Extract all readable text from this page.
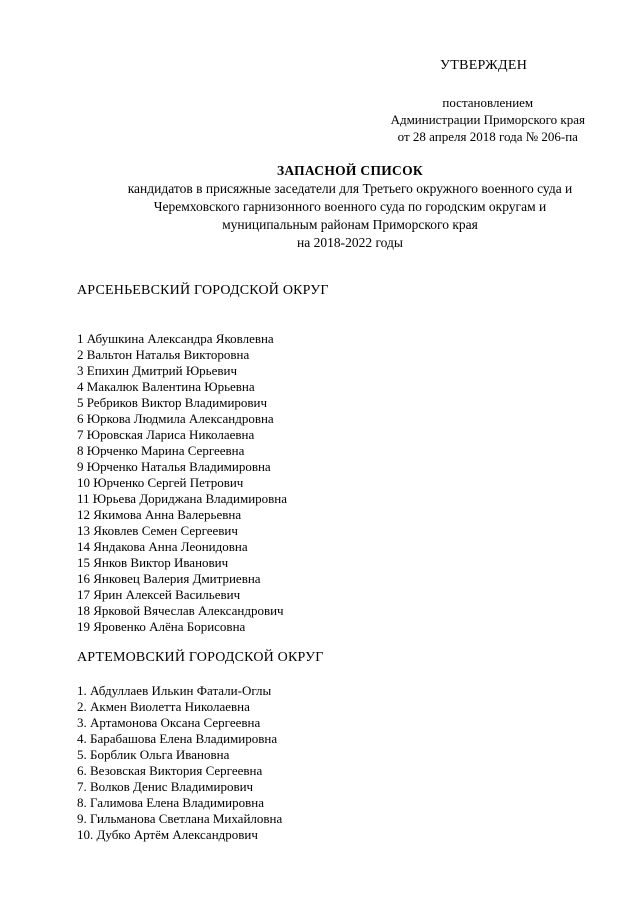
УТВЕРЖДЕН
постановлением
Администрации Приморского края
от 28 апреля 2018 года № 206-па
ЗАПАСНОЙ СПИСОК
кандидатов в присяжные заседатели для Третьего окружного военного суда и
Черемховского гарнизонного военного суда по городским округам и
муниципальным районам Приморского края
на 2018-2022 годы
АРСЕНЬЕВСКИЙ ГОРОДСКОЙ ОКРУГ
1 Абушкина Александра Яковлевна
2 Вальтон Наталья Викторовна
3 Епихин Дмитрий Юрьевич
4 Макалюк Валентина Юрьевна
5 Ребриков Виктор Владимирович
6 Юркова Людмила Александровна
7 Юровская Лариса Николаевна
8 Юрченко Марина Сергеевна
9 Юрченко Наталья Владимировна
10 Юрченко Сергей Петрович
11 Юрьева Дориджана Владимировна
12 Якимова Анна Валерьевна
13 Яковлев Семен Сергеевич
14 Яндакова Анна Леонидовна
15 Янков Виктор Иванович
16 Янковец Валерия Дмитриевна
17 Ярин Алексей Васильевич
18 Ярковой Вячеслав Александрович
19 Яровенко Алёна Борисовна
АРТЕМОВСКИЙ ГОРОДСКОЙ ОКРУГ
1. Абдуллаев Илькин Фатали-Оглы
2. Акмен Виолетта Николаевна
3. Артамонова Оксана Сергеевна
4. Барабашова Елена Владимировна
5. Борблик Ольга Ивановна
6. Везовская Виктория Сергеевна
7. Волков Денис Владимирович
8. Галимова Елена Владимировна
9. Гильманова Светлана Михайловна
10. Дубко Артём Александрович
